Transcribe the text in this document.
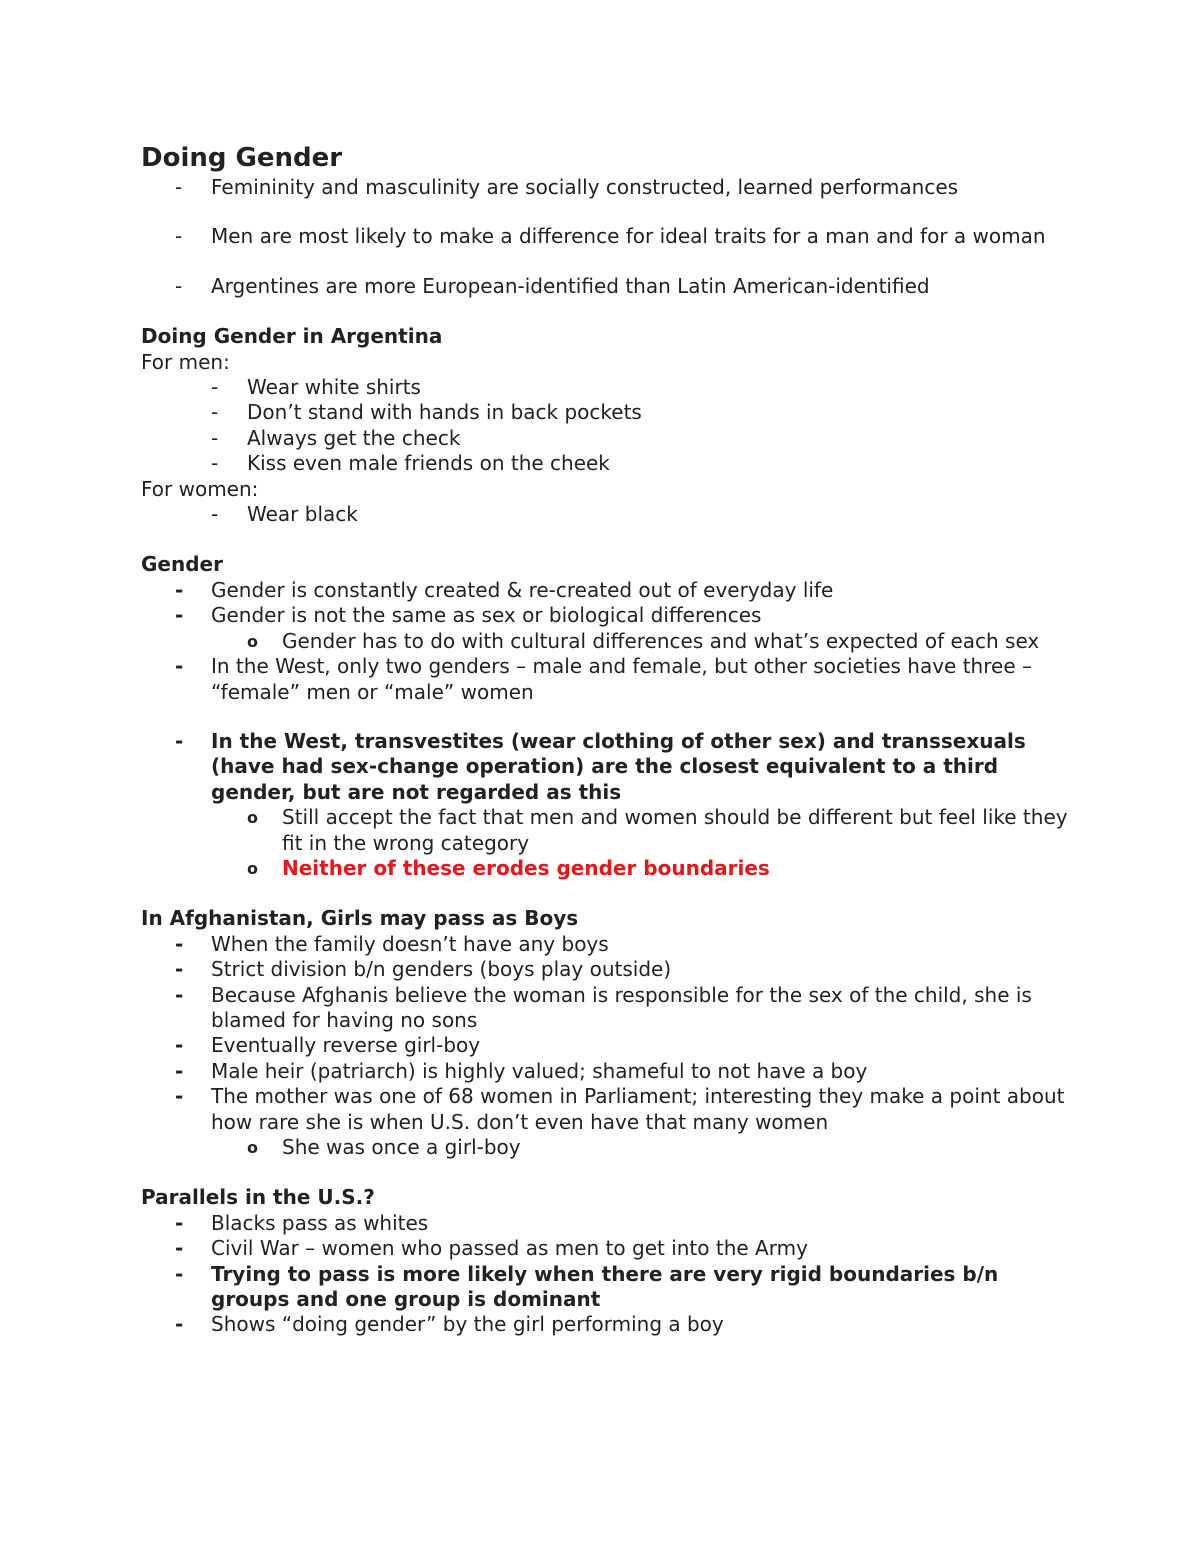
Doing Gender
- Femininity and masculinity are socially constructed, learned performances
- Men are most likely to make a difference for ideal traits for a man and for a woman
- Argentines are more European-identified than Latin American-identified
Doing Gender in Argentina
For men:
- Wear white shirts
- Don’t stand with hands in back pockets
- Always get the check
- Kiss even male friends on the cheek
For women:
- Wear black
Gender
- Gender is constantly created & re-created out of everyday life
- Gender is not the same as sex or biological differences
o Gender has to do with cultural differences and what’s expected of each sex
- In the West, only two genders – male and female, but other societies have three – “female” men or “male” women
- In the West, transvestites (wear clothing of other sex) and transsexuals (have had sex-change operation) are the closest equivalent to a third gender, but are not regarded as this
o Still accept the fact that men and women should be different but feel like they fit in the wrong category
o Neither of these erodes gender boundaries
In Afghanistan, Girls may pass as Boys
- When the family doesn’t have any boys
- Strict division b/n genders (boys play outside)
- Because Afghanis believe the woman is responsible for the sex of the child, she is blamed for having no sons
- Eventually reverse girl-boy
- Male heir (patriarch) is highly valued; shameful to not have a boy
- The mother was one of 68 women in Parliament; interesting they make a point about how rare she is when U.S. don’t even have that many women
o She was once a girl-boy
Parallels in the U.S.?
- Blacks pass as whites
- Civil War – women who passed as men to get into the Army
- Trying to pass is more likely when there are very rigid boundaries b/n groups and one group is dominant
- Shows “doing gender” by the girl performing a boy
